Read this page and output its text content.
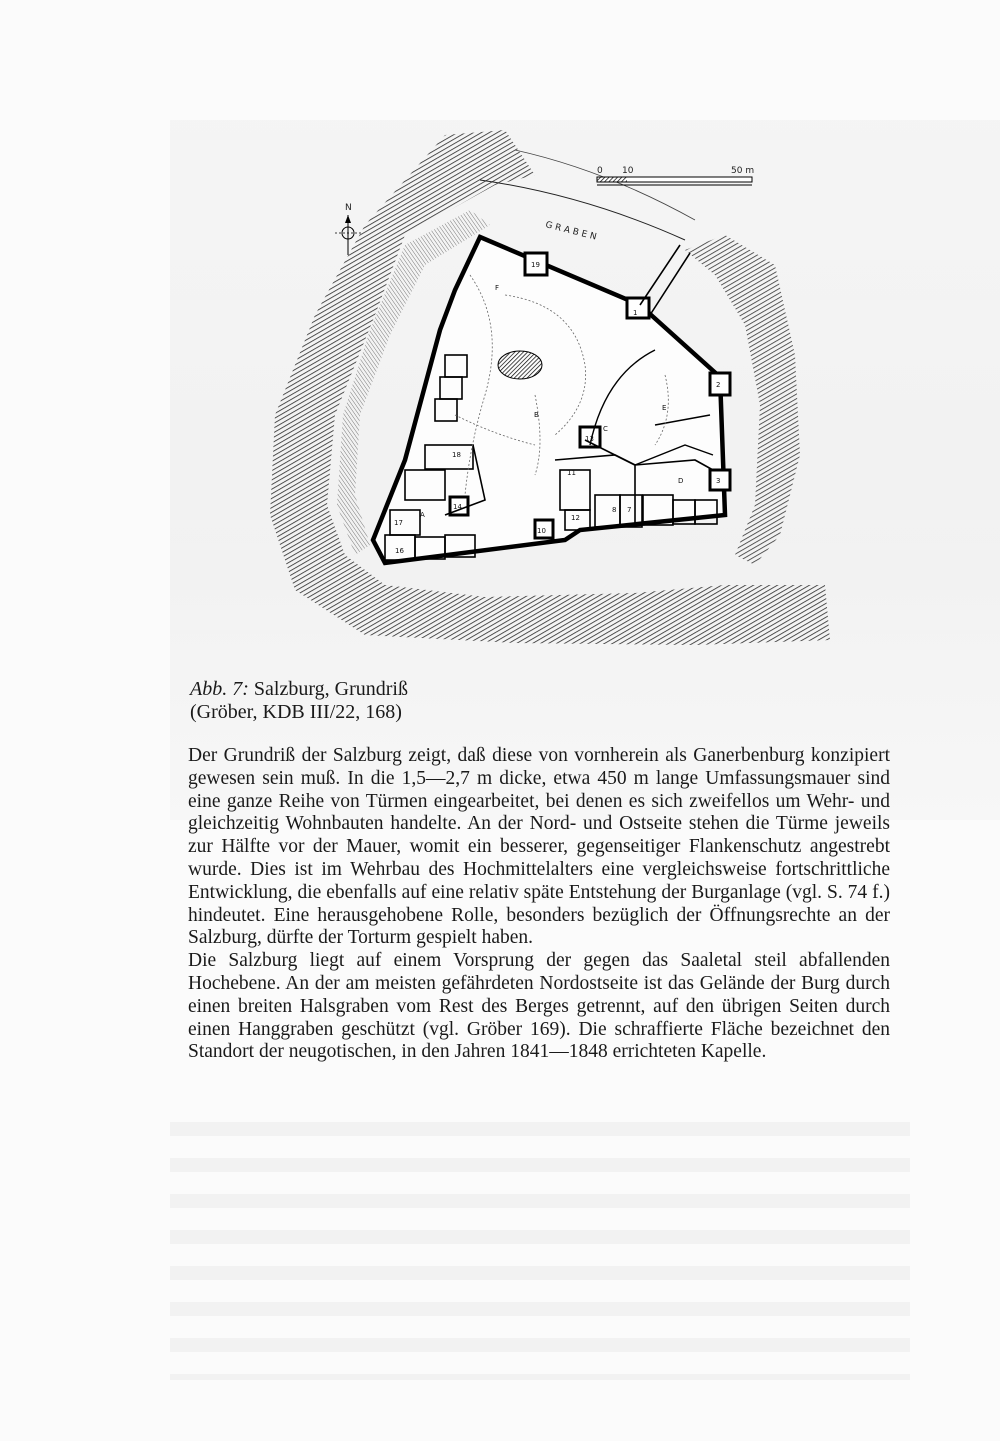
F
E
D
A
B
C
1
2
3
13
10
17
16
14
19
18
8 7
11
12
N
G R A B E N
0 10	50 m
Abb. 7: Salzburg, Grundriß
(Gröber, KDB III/22, 168)

Der Grundriß der Salzburg zeigt, daß diese von vornherein als Ganerbenburg konzipiert gewesen sein muß. In die 1,5—2,7 m dicke, etwa 450 m lange Umfassungsmauer sind eine ganze Reihe von Türmen eingearbeitet, bei denen es sich zweifellos um Wehr- und gleichzeitig Wohnbauten handelte. An der Nord- und Ostseite stehen die Türme jeweils zur Hälfte vor der Mauer, womit ein besserer, gegenseitiger Flankenschutz angestrebt wurde. Dies ist im Wehrbau des Hochmittelalters eine vergleichsweise fortschrittliche Entwicklung, die ebenfalls auf eine relativ späte Entstehung der Burganlage (vgl. S. 74 f.) hindeutet. Eine herausgehobene Rolle, besonders bezüglich der Öffnungsrechte an der Salzburg, dürfte der Torturm gespielt haben.

Die Salzburg liegt auf einem Vorsprung der gegen das Saaletal steil abfallenden Hochebene. An der am meisten gefährdeten Nordostseite ist das Gelände der Burg durch einen breiten Halsgraben vom Rest des Berges getrennt, auf den übrigen Seiten durch einen Hanggraben geschützt (vgl. Gröber 169). Die schraffierte Fläche bezeichnet den Standort der neugotischen, in den Jahren 1841—1848 errichteten Kapelle.
